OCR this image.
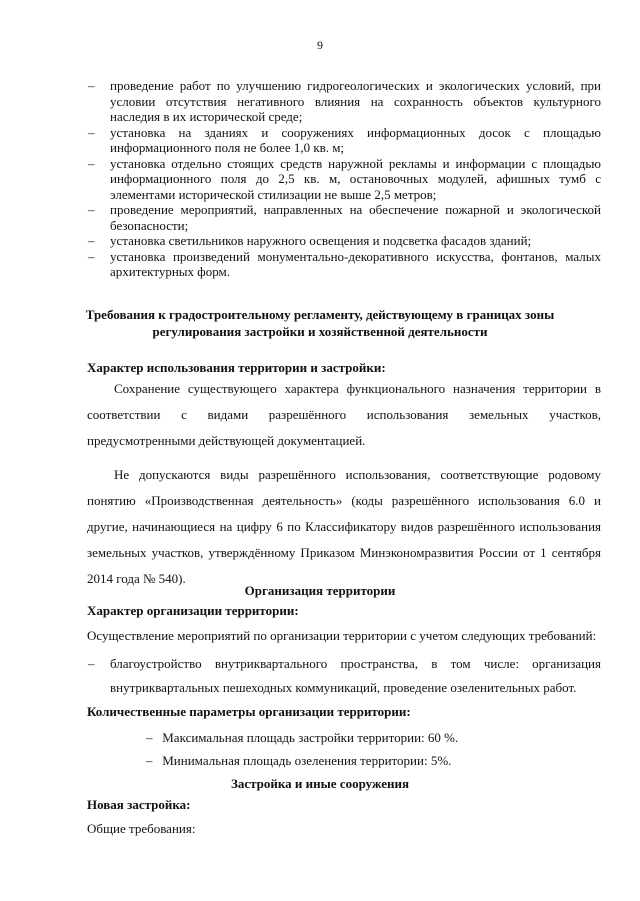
9
– проведение работ по улучшению гидрогеологических и экологических условий, при условии отсутствия негативного влияния на сохранность объектов культурного наследия в их исторической среде;
– установка на зданиях и сооружениях информационных досок с площадью информационного поля не более 1,0 кв. м;
– установка отдельно стоящих средств наружной рекламы и информации с площадью информационного поля до 2,5 кв. м, остановочных модулей, афишных тумб с элементами исторической стилизации не выше 2,5 метров;
– проведение мероприятий, направленных на обеспечение пожарной и экологической безопасности;
– установка светильников наружного освещения и подсветка фасадов зданий;
– установка произведений монументально-декоративного искусства, фонтанов, малых архитектурных форм.
Требования к градостроительному регламенту, действующему в границах зоны регулирования застройки и хозяйственной деятельности
Характер использования территории и застройки:
Сохранение существующего характера функционального назначения территории в
соответствии с видами разрешённого использования земельных участков,
предусмотренными действующей документацией.
Не допускаются виды разрешённого использования, соответствующие родовому понятию «Производственная деятельность» (коды разрешённого использования 6.0 и другие, начинающиеся на цифру 6 по Классификатору видов разрешённого использования земельных участков, утверждённому Приказом Минэкономразвития России от 1 сентября 2014 года № 540).
Организация территории
Характер организации территории:
Осуществление мероприятий по организации территории с учетом следующих требований:
– благоустройство внутриквартального пространства, в том числе: организация внутриквартальных пешеходных коммуникаций, проведение озеленительных работ.
Количественные параметры организации территории:
– Максимальная площадь застройки территории: 60 %.
– Минимальная площадь озеленения территории: 5%.
Застройка и иные сооружения
Новая застройка:
Общие требования:
